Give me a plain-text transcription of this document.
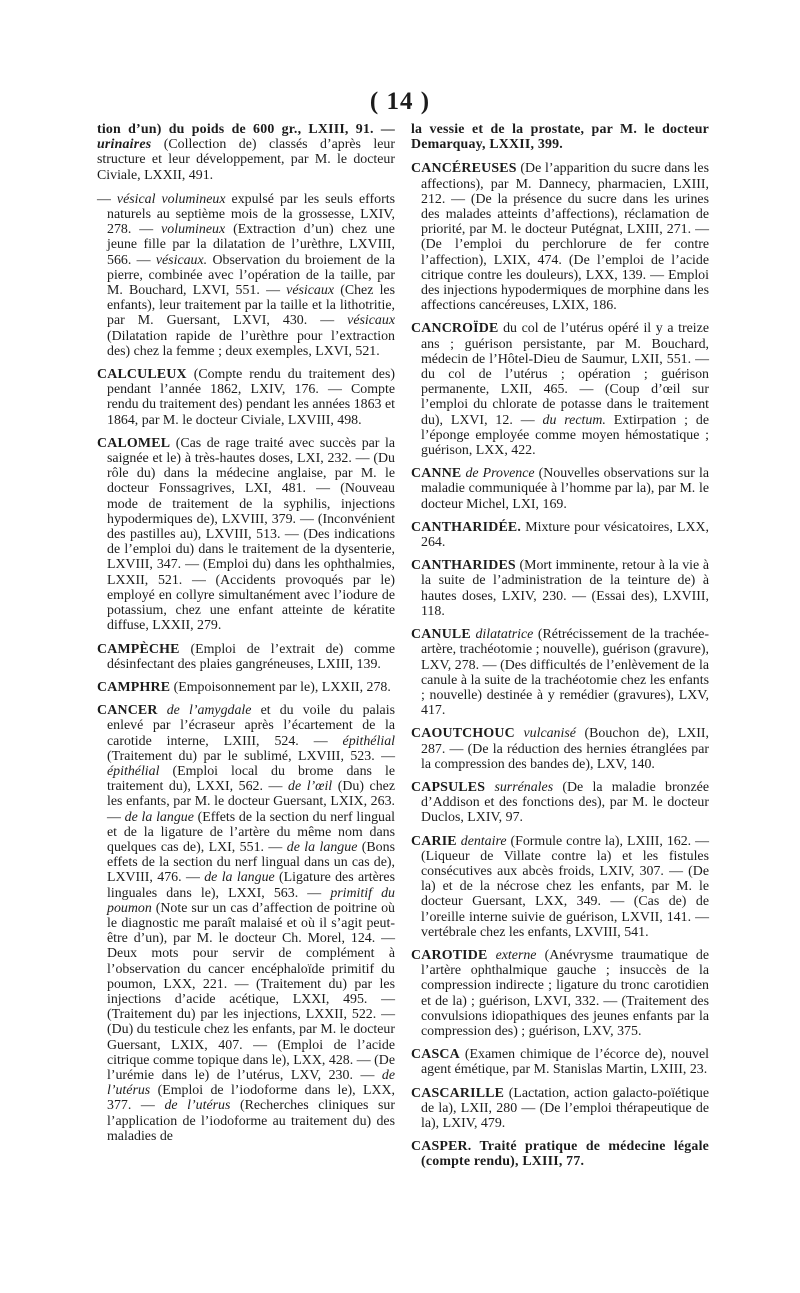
( 14 )

tion d’un) du poids de 600 gr., LXIII, 91. — urinaires (Collection de) classés d’après leur structure et leur développement, par M. le docteur Civiale, LXXII, 491.

— vésical volumineux expulsé par les seuls efforts naturels au septième mois de la grossesse, LXIV, 278. — volumineux (Extraction d’un) chez une jeune fille par la dilatation de l’urèthre, LXVIII, 566. — vésicaux. Observation du broiement de la pierre, combinée avec l’opération de la taille, par M. Bouchard, LXVI, 551. — vésicaux (Chez les enfants), leur traitement par la taille et la lithotritie, par M. Guersant, LXVI, 430. — vésicaux (Dilatation rapide de l’urèthre pour l’extraction des) chez la femme ; deux exemples, LXVI, 521.

CALCULEUX (Compte rendu du traitement des) pendant l’année 1862, LXIV, 176. — Compte rendu du traitement des) pendant les années 1863 et 1864, par M. le docteur Civiale, LXVIII, 498.

CALOMEL (Cas de rage traité avec succès par la saignée et le) à très-hautes doses, LXI, 232. — (Du rôle du) dans la médecine anglaise, par M. le docteur Fonssagrives, LXI, 481. — (Nouveau mode de traitement de la syphilis, injections hypodermiques de), LXVIII, 379. — (Inconvénient des pastilles au), LXVIII, 513. — (Des indications de l’emploi du) dans le traitement de la dysenterie, LXVIII, 347. — (Emploi du) dans les ophthalmies, LXXII, 521. — (Accidents provoqués par le) employé en collyre simultanément avec l’iodure de potassium, chez une enfant atteinte de kératite diffuse, LXXII, 279.

CAMPÈCHE (Emploi de l’extrait de) comme désinfectant des plaies gangréneuses, LXIII, 139.

CAMPHRE (Empoisonnement par le), LXXII, 278.

CANCER de l’amygdale et du voile du palais enlevé par l’écraseur après l’écartement de la carotide interne, LXIII, 524. — épithélial (Traitement du) par le sublimé, LXVIII, 523. — épithélial (Emploi local du brome dans le traitement du), LXXI, 562. — de l’œil (Du) chez les enfants, par M. le docteur Guersant, LXIX, 263. — de la langue (Effets de la section du nerf lingual et de la ligature de l’artère du même nom dans quelques cas de), LXI, 551. — de la langue (Bons effets de la section du nerf lingual dans un cas de), LXVIII, 476. — de la langue (Ligature des artères linguales dans le), LXXI, 563. — primitif du poumon (Note sur un cas d’affection de poitrine où le diagnostic me paraît malaisé et où il s’agit peut-être d’un), par M. le docteur Ch. Morel, 124. — Deux mots pour servir de complément à l’observation du cancer encéphaloïde primitif du poumon, LXX, 221. — (Traitement du) par les injections d’acide acétique, LXXI, 495. — (Traitement du) par les injections, LXXII, 522. — (Du) du testicule chez les enfants, par M. le docteur Guersant, LXIX, 407. — (Emploi de l’acide citrique comme topique dans le), LXX, 428. — (De l’urémie dans le) de l’utérus, LXV, 230. — de l’utérus (Emploi de l’iodoforme dans le), LXX, 377. — de l’utérus (Recherches cliniques sur l’application de l’iodoforme au traitement du) des maladies de

la vessie et de la prostate, par M. le docteur Demarquay, LXXII, 399.

CANCÉREUSES (De l’apparition du sucre dans les affections), par M. Dannecy, pharmacien, LXIII, 212. — (De la présence du sucre dans les urines des malades atteints d’affections), réclamation de priorité, par M. le docteur Putégnat, LXIII, 271. — (De l’emploi du perchlorure de fer contre l’affection), LXIX, 474. (De l’emploi de l’acide citrique contre les douleurs), LXX, 139. — Emploi des injections hypodermiques de morphine dans les affections cancéreuses, LXIX, 186.

CANCROÏDE du col de l’utérus opéré il y a treize ans ; guérison persistante, par M. Bouchard, médecin de l’Hôtel-Dieu de Saumur, LXII, 551. — du col de l’utérus ; opération ; guérison permanente, LXII, 465. — (Coup d’œil sur l’emploi du chlorate de potasse dans le traitement du), LXVI, 12. — du rectum. Extirpation ; de l’éponge employée comme moyen hémostatique ; guérison, LXX, 422.

CANNE de Provence (Nouvelles observations sur la maladie communiquée à l’homme par la), par M. le docteur Michel, LXI, 169.

CANTHARIDÉE. Mixture pour vésicatoires, LXX, 264.

CANTHARIDES (Mort imminente, retour à la vie à la suite de l’administration de la teinture de) à hautes doses, LXIV, 230. — (Essai des), LXVIII, 118.

CANULE dilatatrice (Rétrécissement de la trachée-artère, trachéotomie ; nouvelle), guérison (gravure), LXV, 278. — (Des difficultés de l’enlèvement de la canule à la suite de la trachéotomie chez les enfants ; nouvelle) destinée à y remédier (gravures), LXV, 417.

CAOUTCHOUC vulcanisé (Bouchon de), LXII, 287. — (De la réduction des hernies étranglées par la compression des bandes de), LXV, 140.

CAPSULES surrénales (De la maladie bronzée d’Addison et des fonctions des), par M. le docteur Duclos, LXIV, 97.

CARIE dentaire (Formule contre la), LXIII, 162. — (Liqueur de Villate contre la) et les fistules consécutives aux abcès froids, LXIV, 307. — (De la) et de la nécrose chez les enfants, par M. le docteur Guersant, LXX, 349. — (Cas de) de l’oreille interne suivie de guérison, LXVII, 141. — vertébrale chez les enfants, LXVIII, 541.

CAROTIDE externe (Anévrysme traumatique de l’artère ophthalmique gauche ; insuccès de la compression indirecte ; ligature du tronc carotidien et de la) ; guérison, LXVI, 332. — (Traitement des convulsions idiopathiques des jeunes enfants par la compression des) ; guérison, LXV, 375.

CASCA (Examen chimique de l’écorce de), nouvel agent émétique, par M. Stanislas Martin, LXIII, 23.

CASCARILLE (Lactation, action galacto-poïétique de la), LXII, 280 — (De l’emploi thérapeutique de la), LXIV, 479.

CASPER. Traité pratique de médecine légale (compte rendu), LXIII, 77.
